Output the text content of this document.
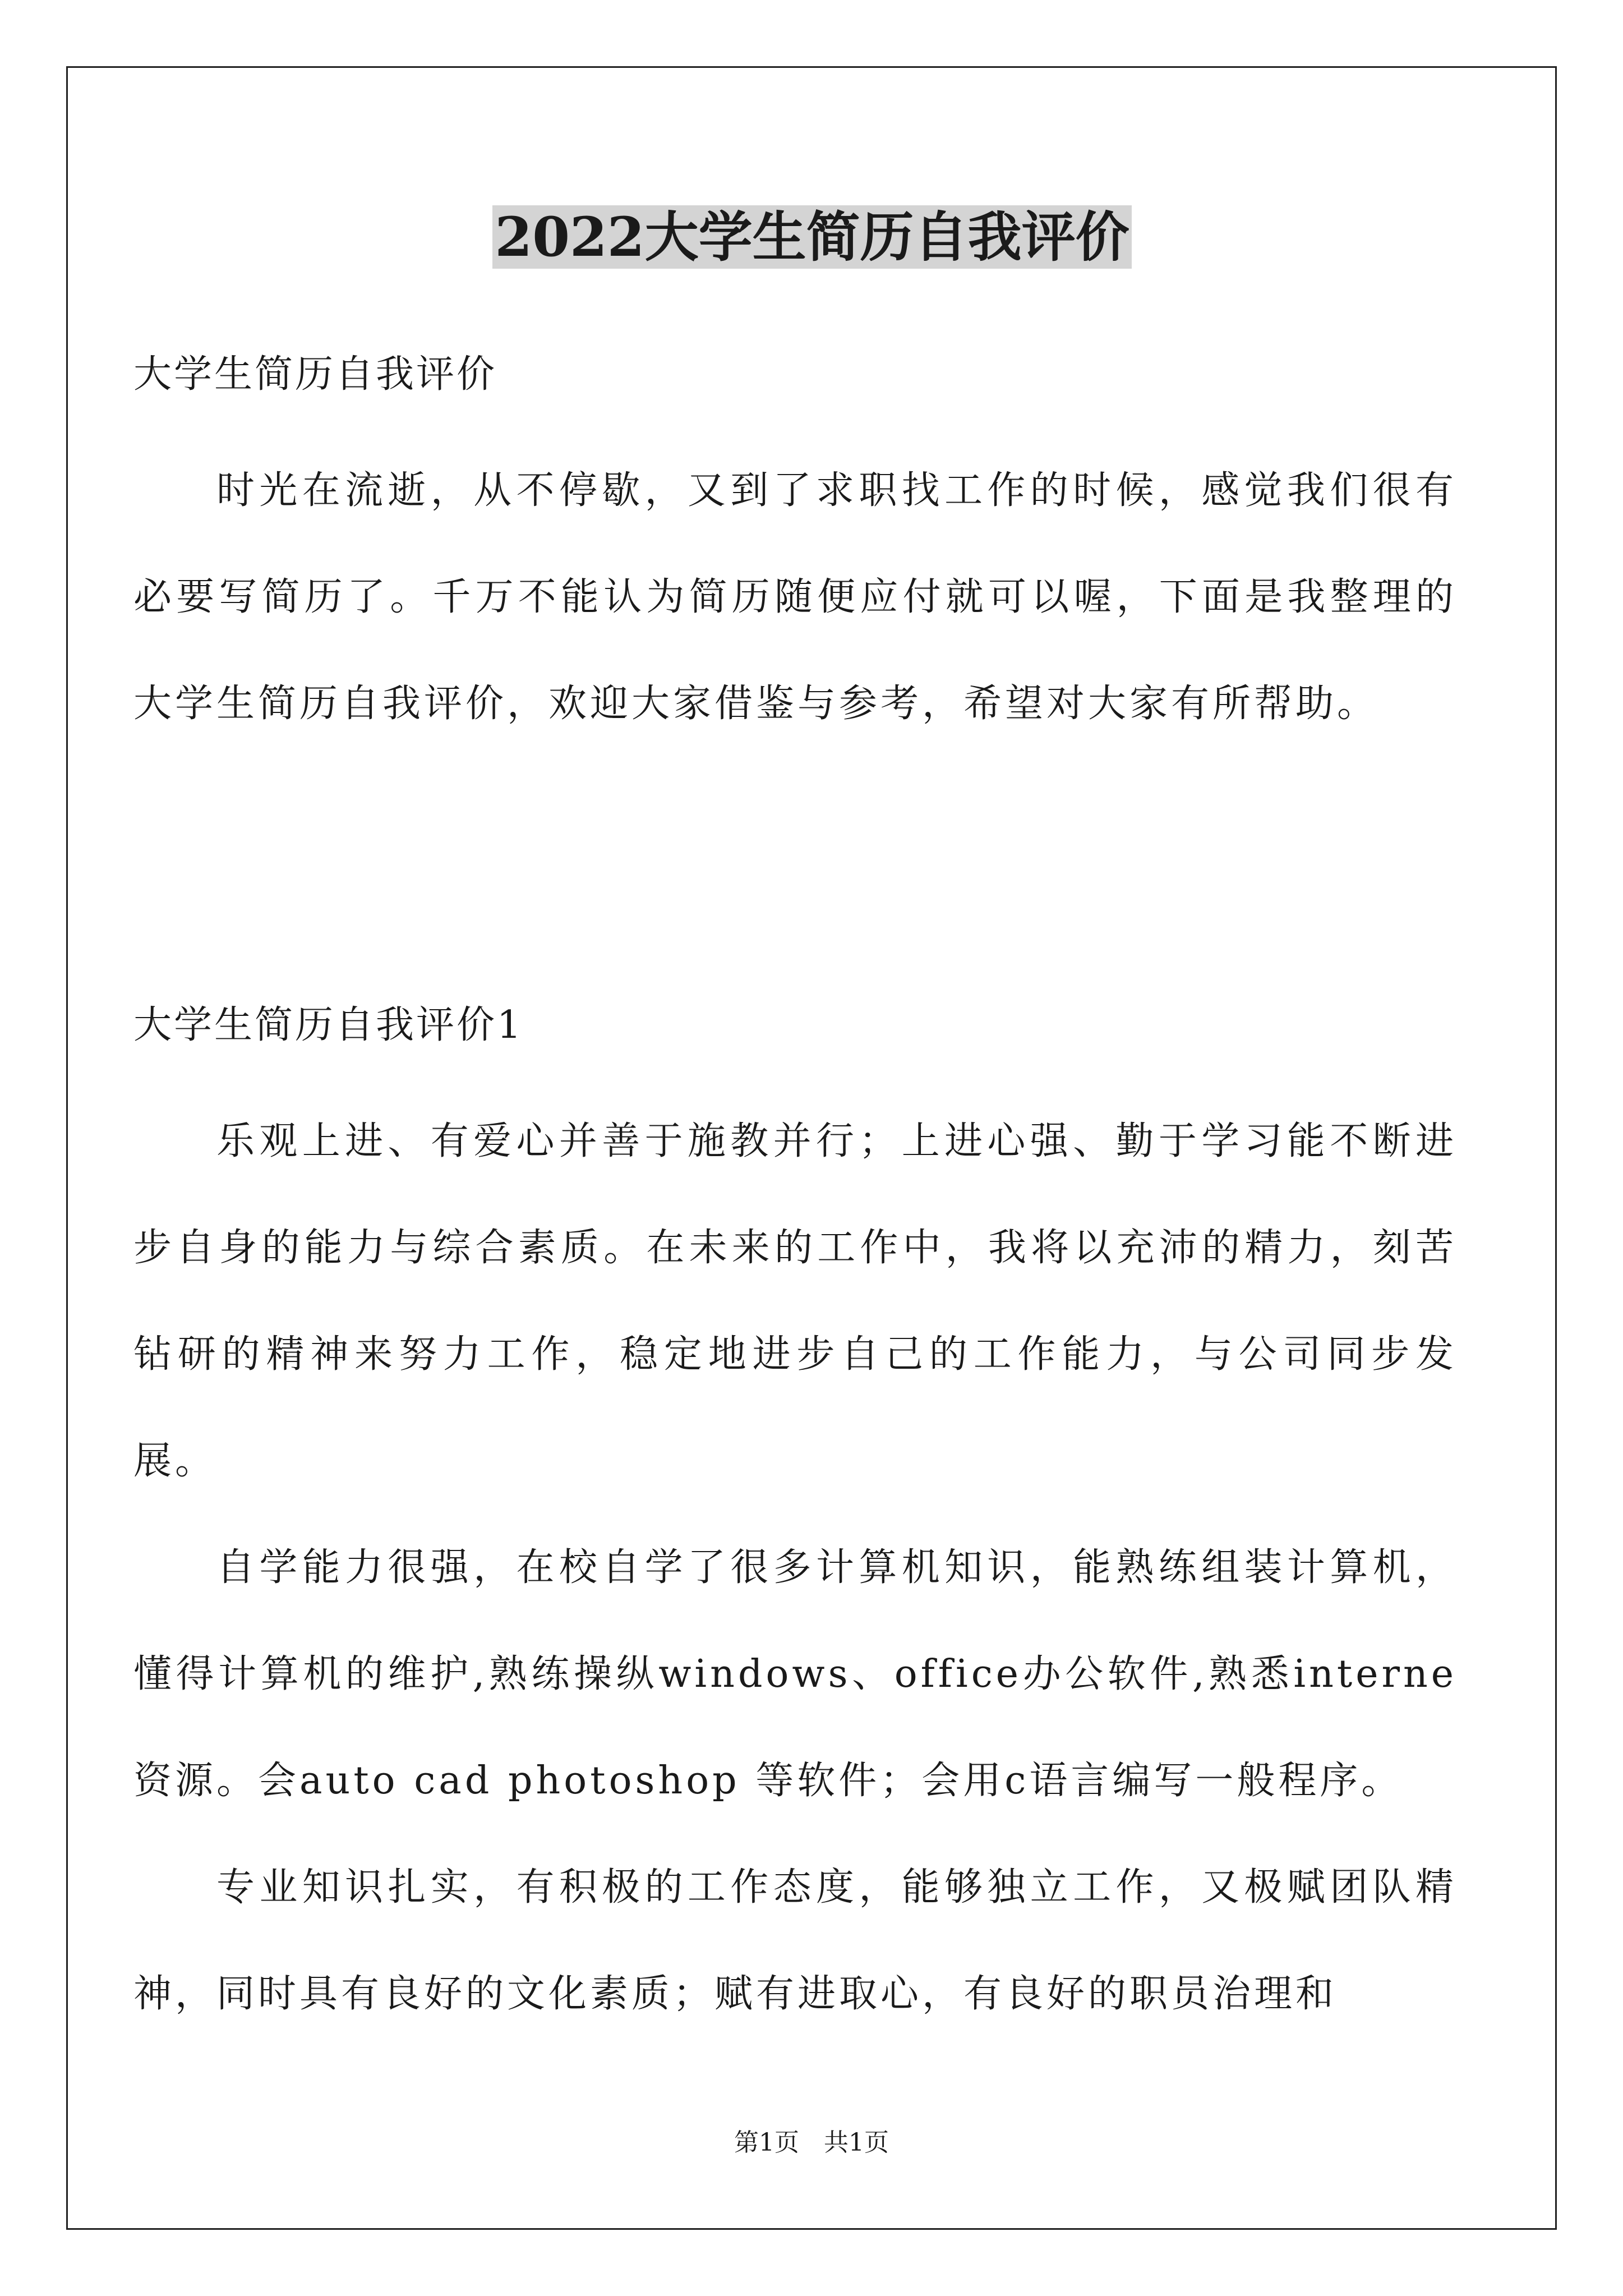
2022大学生简历自我评价

大学生简历自我评价

时光在流逝，从不停歇，又到了求职找工作的时候，感觉我们很有必要写简历了。千万不能认为简历随便应付就可以喔，下面是我整理的大学生简历自我评价，欢迎大家借鉴与参考，希望对大家有所帮助。

大学生简历自我评价1

乐观上进、有爱心并善于施教并行；上进心强、勤于学习能不断进步自身的能力与综合素质。在未来的工作中，我将以充沛的精力，刻苦钻研的精神来努力工作，稳定地进步自己的工作能力，与公司同步发展。

自学能力很强，在校自学了很多计算机知识，能熟练组装计算机，懂得计算机的维护,熟练操纵windows、office办公软件,熟悉interne资源。会auto cad photoshop 等软件；会用c语言编写一般程序。

专业知识扎实，有积极的工作态度，能够独立工作，又极赋团队精神，同时具有良好的文化素质；赋有进取心，有良好的职员治理和

第1页　共1页
